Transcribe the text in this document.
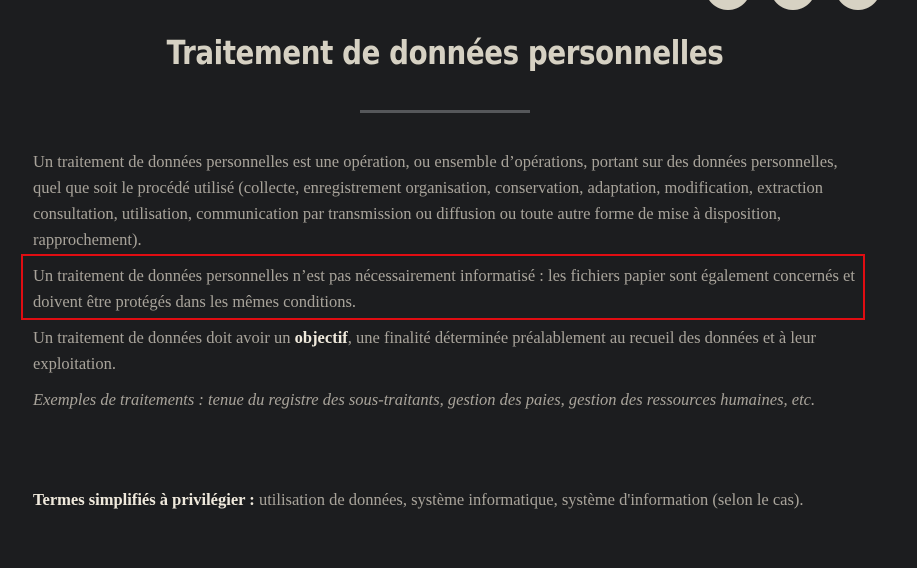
Traitement de données personnelles

Un traitement de données personnelles est une opération, ou ensemble d’opérations, portant sur des données personnelles, quel que soit le procédé utilisé (collecte, enregistrement organisation, conservation, adaptation, modification, extraction consultation, utilisation, communication par transmission ou diffusion ou toute autre forme de mise à disposition, rapprochement).

Un traitement de données personnelles n’est pas nécessairement informatisé : les fichiers papier sont également concernés et doivent être protégés dans les mêmes conditions.

Un traitement de données doit avoir un objectif, une finalité déterminée préalablement au recueil des données et à leur exploitation.

Exemples de traitements : tenue du registre des sous-traitants, gestion des paies, gestion des ressources humaines, etc.

Termes simplifiés à privilégier : utilisation de données, système informatique, système d'information (selon le cas).
